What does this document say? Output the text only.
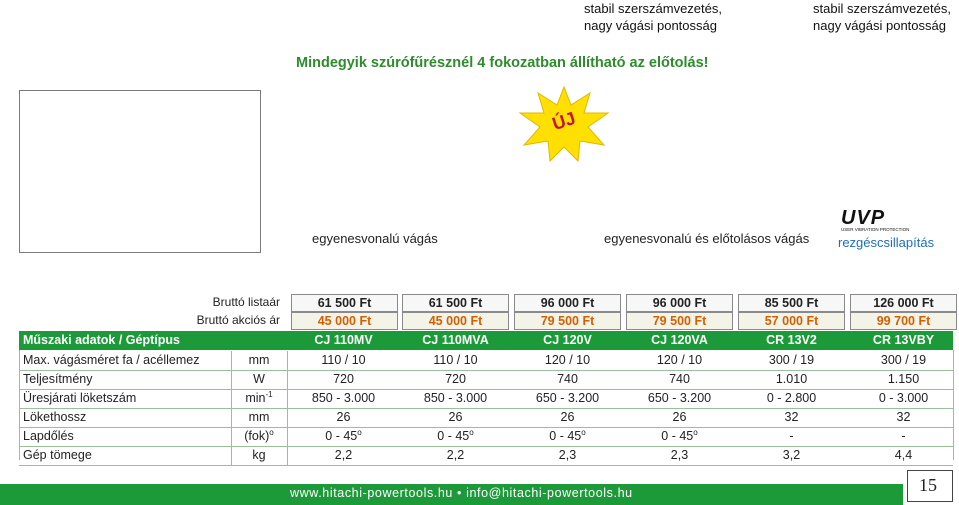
stabil szerszámvezetés,
nagy vágási pontosság
stabil szerszámvezetés,
nagy vágási pontosság
Mindegyik szúrófűrésznél 4 fokozatban állítható az előtolás!
ÚJ
egyenesvonalú vágás	egyenesvonalú és előtolásos vágás
UVP
USER VIBRATION PROTECTION
rezgéscsillapítás
Bruttó listaár
Bruttó akciós ár
61 500 Ft	61 500 Ft	96 000 Ft	96 000 Ft	85 500 Ft	126 000 Ft
45 000 Ft	45 000 Ft	79 500 Ft	79 500 Ft	57 000 Ft	99 700 Ft
Műszaki adatok / Géptípus	CJ 110MV	CJ 110MVA	CJ 120V	CJ 120VA	CR 13V2	CR 13VBY
Max. vágásméret fa / acéllemez	mm	110 / 10	110 / 10	120 / 10	120 / 10	300 / 19	300 / 19
Teljesítmény	W	720	720	740	740	1.010	1.150
Üresjárati löketszám	$\min^{-1}$	850 - 3.000	850 - 3.000	650 - 3.200	650 - 3.200	0 - 2.800	0 - 3.000
Lökethossz	mm	26	26	26	26	32	32
Lapdőlés	(fok)$^o$	0 - 45$^o$	0 - 45$^o$	0 - 45$^o$	0 - 45$^o$	-	-
Gép tömege	kg	2,2	2,2	2,3	2,3	3,2	4,4
www.hitachi-powertools.hu • info@hitachi-powertools.hu	15
